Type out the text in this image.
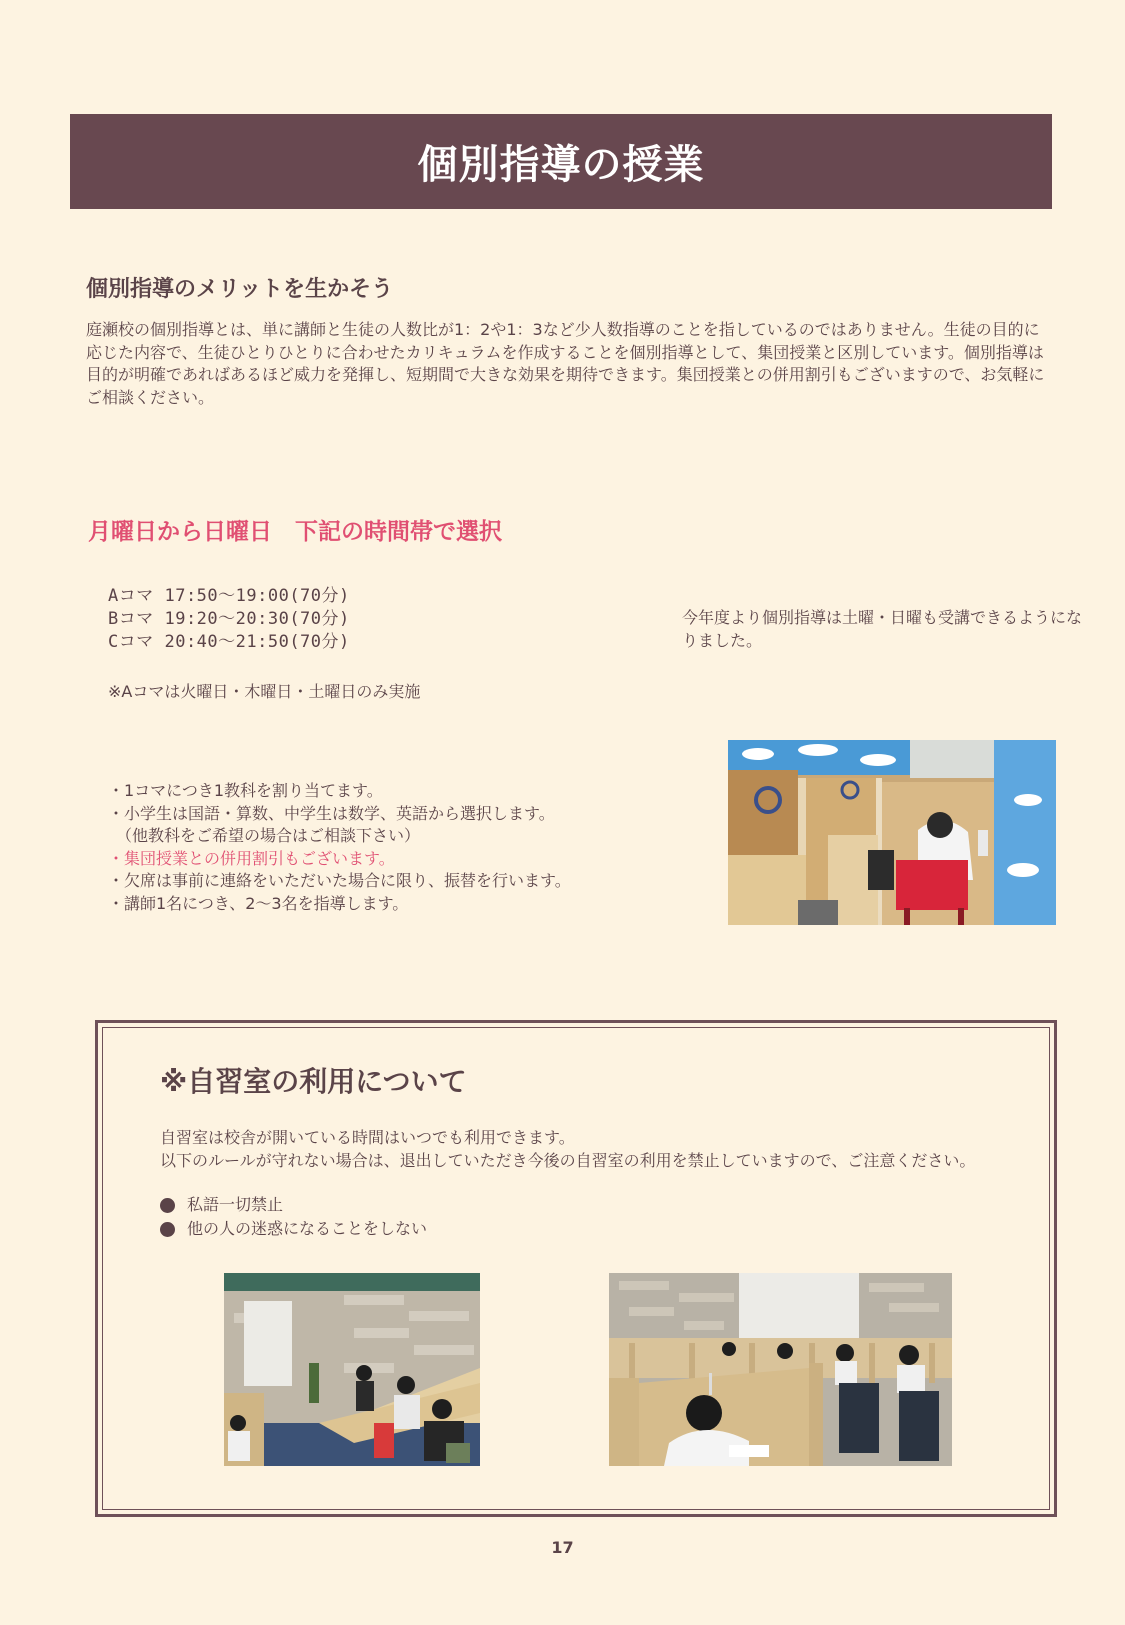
個別指導の授業
個別指導のメリットを生かそう
庭瀬校の個別指導とは、単に講師と生徒の人数比が1：2や1：3など少人数指導のことを指しているのではありません。生徒の目的に応じた内容で、生徒ひとりひとりに合わせたカリキュラムを作成することを個別指導として、集団授業と区別しています。個別指導は目的が明確であればあるほど威力を発揮し、短期間で大きな効果を期待できます。集団授業との併用割引もございますので、お気軽にご相談ください。
月曜日から日曜日　下記の時間帯で選択
Aコマ 17:50〜19:00(70分)
Bコマ 19:20〜20:30(70分)
Cコマ 20:40〜21:50(70分)
※Aコマは火曜日・木曜日・土曜日のみ実施
今年度より個別指導は土曜・日曜も受講できるようになりました。
・1コマにつき1教科を割り当てます。
・小学生は国語・算数、中学生は数学、英語から選択します。
　（他教科をご希望の場合はご相談下さい）
・集団授業との併用割引もございます。
・欠席は事前に連絡をいただいた場合に限り、振替を行います。
・講師1名につき、2〜3名を指導します。
※自習室の利用について
自習室は校舎が開いている時間はいつでも利用できます。
以下のルールが守れない場合は、退出していただき今後の自習室の利用を禁止していますので、ご注意ください。
私語一切禁止
他の人の迷惑になることをしない
17
